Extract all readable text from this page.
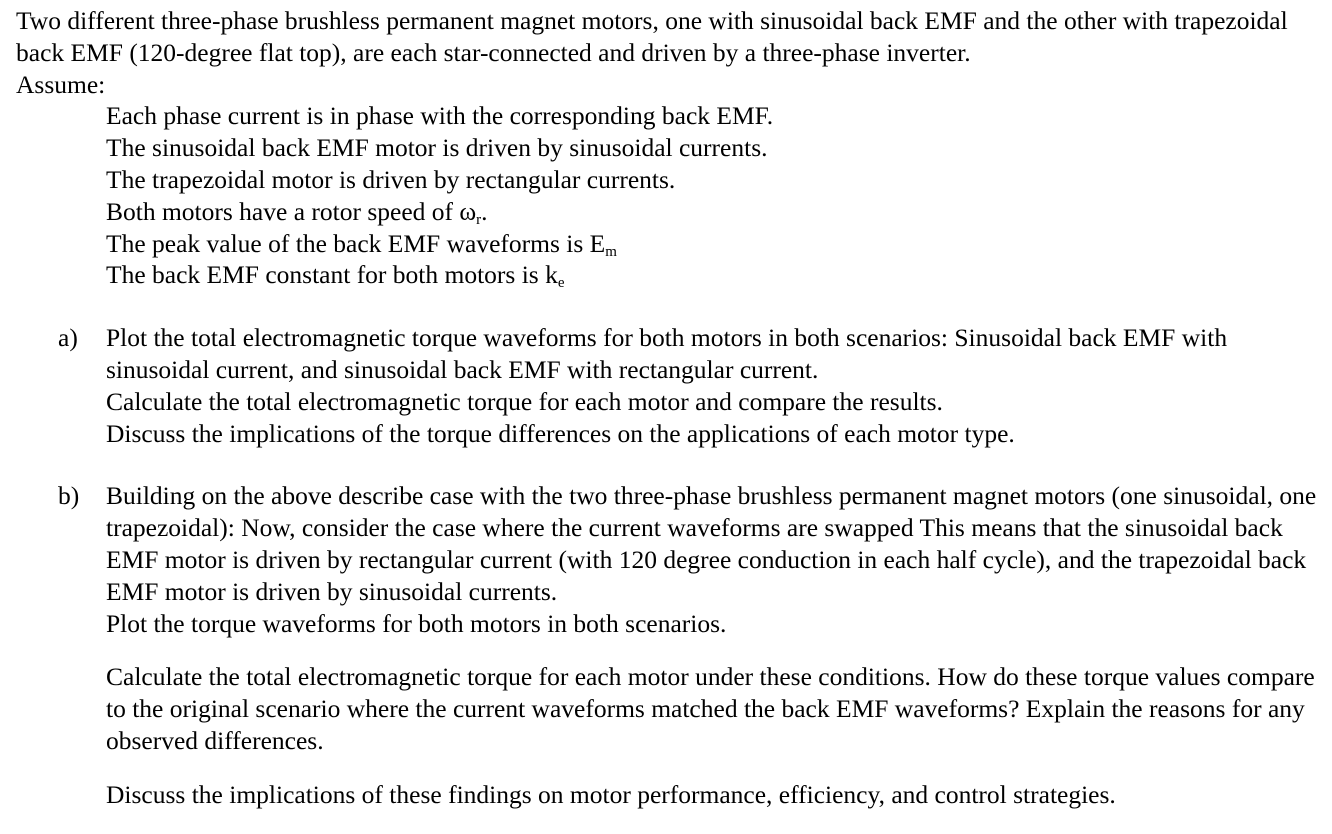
Two different three-phase brushless permanent magnet motors, one with sinusoidal back EMF and the other with trapezoidal back EMF (120-degree flat top), are each star-connected and driven by a three-phase inverter.

Assume:

Each phase current is in phase with the corresponding back EMF.
The sinusoidal back EMF motor is driven by sinusoidal currents.
The trapezoidal motor is driven by rectangular currents.
Both motors have a rotor speed of $\omega_r$.
The peak value of the back EMF waveforms is $E_m$
The back EMF constant for both motors is $k_e$
a) Plot the total electromagnetic torque waveforms for both motors in both scenarios: Sinusoidal back EMF with sinusoidal current, and sinusoidal back EMF with rectangular current.

Calculate the total electromagnetic torque for each motor and compare the results.

Discuss the implications of the torque differences on the applications of each motor type.

b) Building on the above describe case with the two three-phase brushless permanent magnet motors (one sinusoidal, one trapezoidal): Now, consider the case where the current waveforms are swapped This means that the sinusoidal back EMF motor is driven by rectangular current (with 120 degree conduction in each half cycle), and the trapezoidal back EMF motor is driven by sinusoidal currents.

Plot the torque waveforms for both motors in both scenarios.

Calculate the total electromagnetic torque for each motor under these conditions. How do these torque values compare to the original scenario where the current waveforms matched the back EMF waveforms? Explain the reasons for any observed differences.

Discuss the implications of these findings on motor performance, efficiency, and control strategies.
